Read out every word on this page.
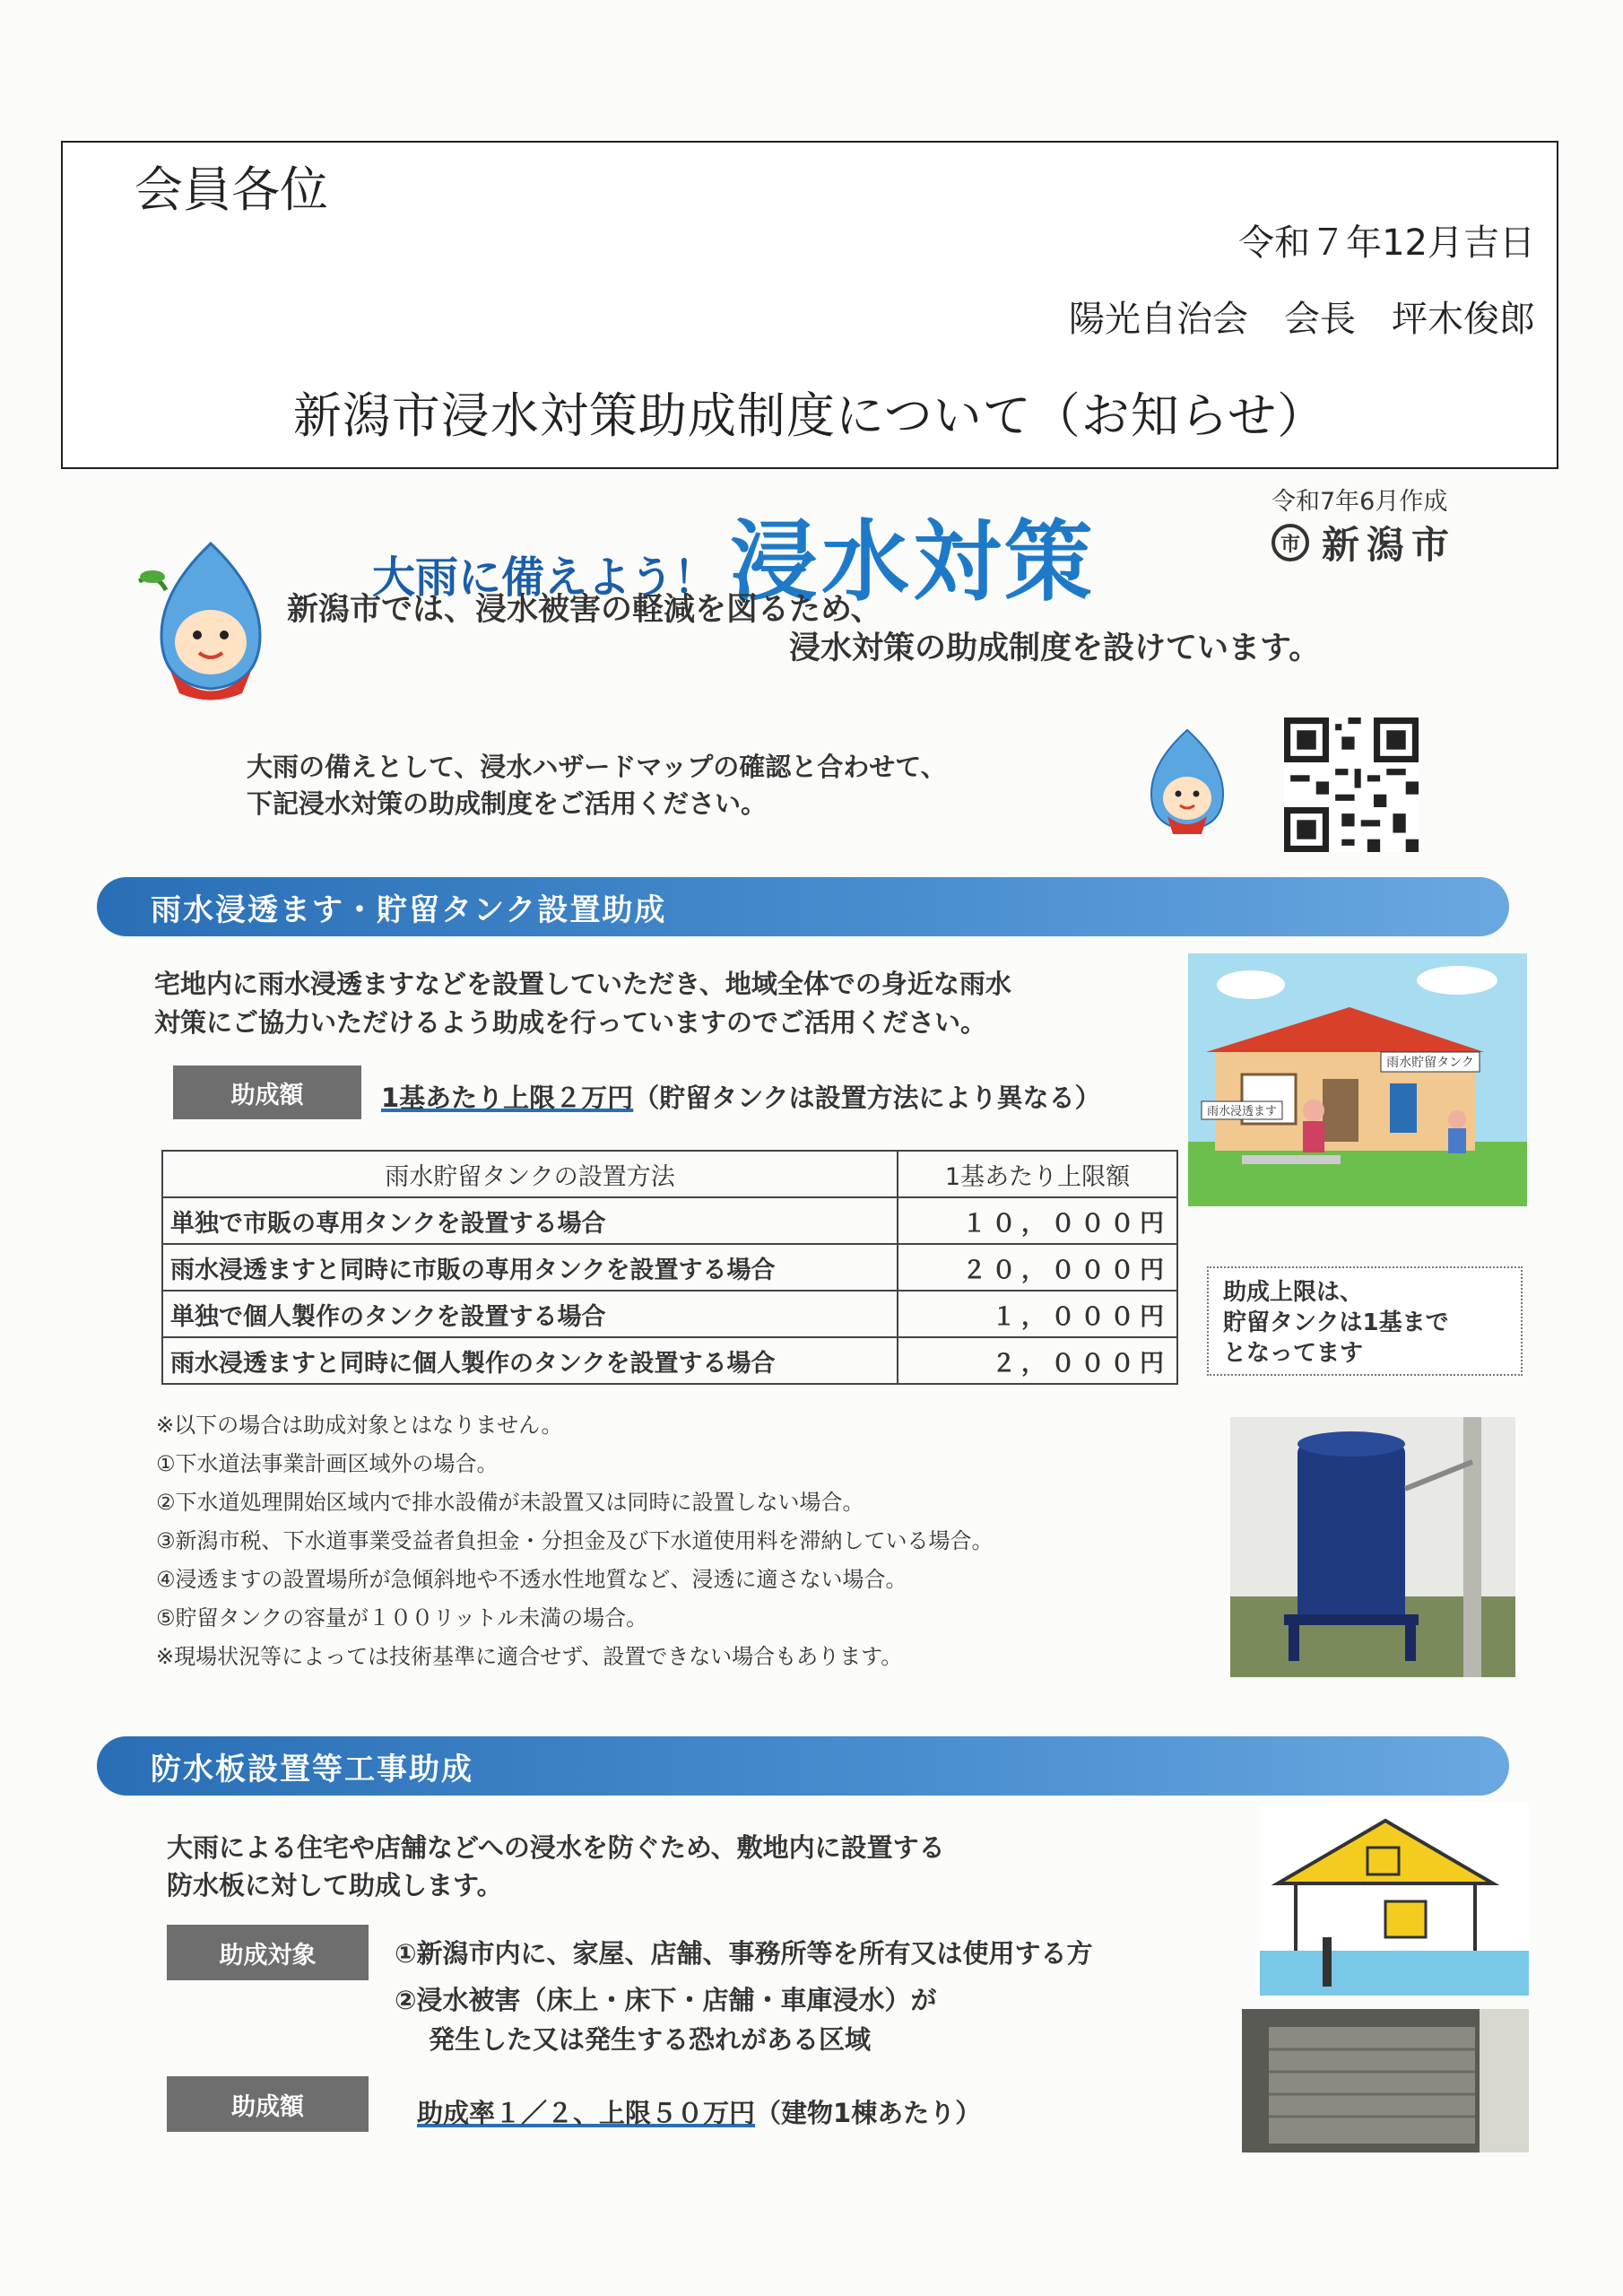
会員各位
令和７年12月吉日
陽光自治会　会長　坪木俊郎
新潟市浸水対策助成制度について（お知らせ）
大雨に備えよう！ 浸水対策
令和7年6月作成
市 新潟市
新潟市では、浸水被害の軽減を図るため、
浸水対策の助成制度を設けています。
大雨の備えとして、浸水ハザードマップの確認と合わせて、
下記浸水対策の助成制度をご活用ください。
雨水浸透ます・貯留タンク設置助成
宅地内に雨水浸透ますなどを設置していただき、地域全体での身近な雨水
対策にご協力いただけるよう助成を行っていますのでご活用ください。
雨水貯留タンク
雨水浸透ます
助成額	1基あたり上限２万円（貯留タンクは設置方法により異なる）
雨水貯留タンクの設置方法	1基あたり上限額
単独で市販の専用タンクを設置する場合	１０，０００円
雨水浸透ますと同時に市販の専用タンクを設置する場合	２０，０００円
単独で個人製作のタンクを設置する場合	１，０００円
雨水浸透ますと同時に個人製作のタンクを設置する場合	２，０００円
助成上限は、
貯留タンクは1基まで
となってます
※以下の場合は助成対象とはなりません。
①下水道法事業計画区域外の場合。
②下水道処理開始区域内で排水設備が未設置又は同時に設置しない場合。
③新潟市税、下水道事業受益者負担金・分担金及び下水道使用料を滞納している場合。
④浸透ますの設置場所が急傾斜地や不透水性地質など、浸透に適さない場合。
⑤貯留タンクの容量が１００リットル未満の場合。
※現場状況等によっては技術基準に適合せず、設置できない場合もあります。
防水板設置等工事助成
大雨による住宅や店舗などへの浸水を防ぐため、敷地内に設置する
防水板に対して助成します。
助成対象	①新潟市内に、家屋、店舗、事務所等を所有又は使用する方
②浸水被害（床上・床下・店舗・車庫浸水）が
発生した又は発生する恐れがある区域
助成額	助成率１／２、上限５０万円（建物1棟あたり）
